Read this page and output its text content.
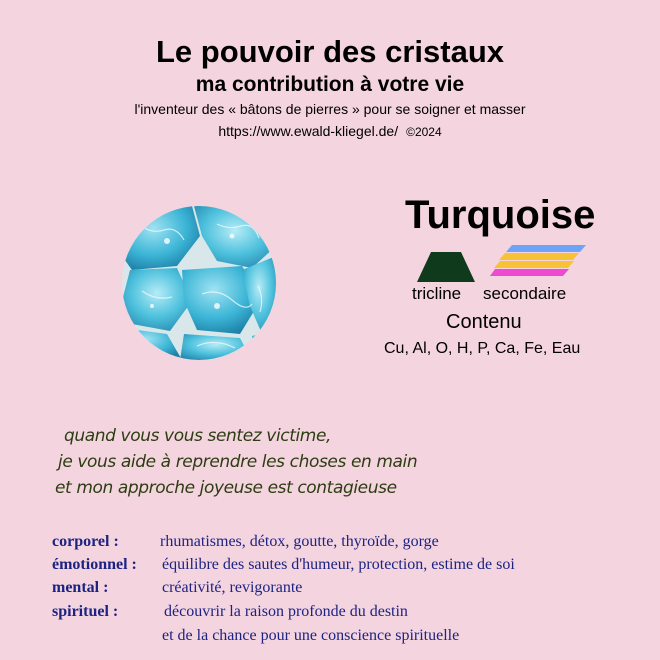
Le pouvoir des cristaux
ma contribution à votre vie
l'inventeur des « bâtons de pierres » pour se soigner et masser
https://www.ewald-kliegel.de/ ©2024
Turquoise
tricline secondaire
Contenu
Cu, Al, O, H, P, Ca, Fe, Eau
quand vous vous sentez victime,
je vous aide à reprendre les choses en main
et mon approche joyeuse est contagieuse
corporel :	rhumatismes, détox, goutte, thyroïde, gorge
émotionnel : équilibre des sautes d'humeur, protection, estime de soi
mental :	créativité, revigorante
spirituel :	découvrir la raison profonde du destin
et de la chance pour une conscience spirituelle
